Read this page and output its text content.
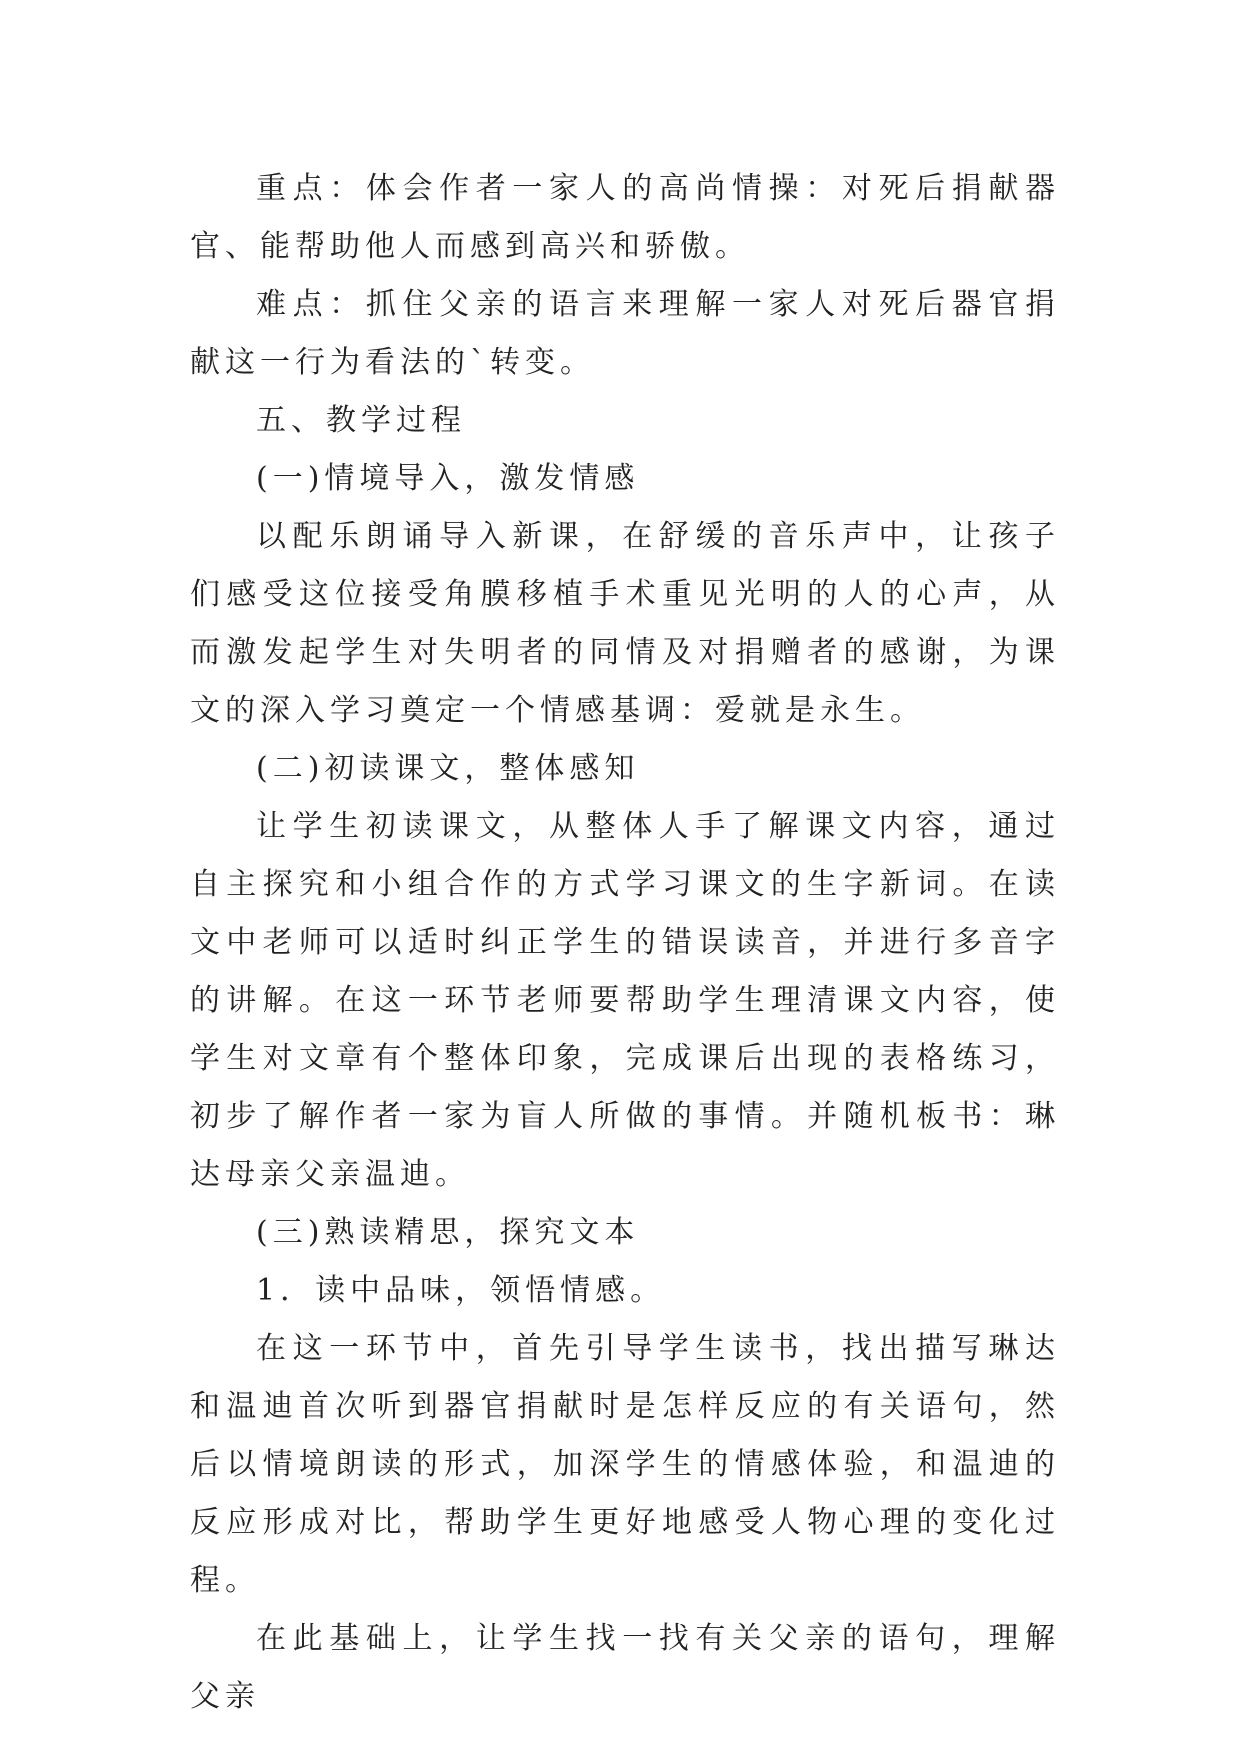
重点：体会作者一家人的高尚情操：对死后捐献器官、能帮助他人而感到高兴和骄傲。

难点：抓住父亲的语言来理解一家人对死后器官捐献这一行为看法的`转变。

五、教学过程

(一)情境导入，激发情感

以配乐朗诵导入新课，在舒缓的音乐声中，让孩子们感受这位接受角膜移植手术重见光明的人的心声，从而激发起学生对失明者的同情及对捐赠者的感谢，为课文的深入学习奠定一个情感基调：爱就是永生。

(二)初读课文，整体感知

让学生初读课文，从整体人手了解课文内容，通过自主探究和小组合作的方式学习课文的生字新词。在读文中老师可以适时纠正学生的错误读音，并进行多音字的讲解。在这一环节老师要帮助学生理清课文内容，使学生对文章有个整体印象，完成课后出现的表格练习，初步了解作者一家为盲人所做的事情。并随机板书：琳达母亲父亲温迪。

(三)熟读精思，探究文本

1．读中品味，领悟情感。

在这一环节中，首先引导学生读书，找出描写琳达和温迪首次听到器官捐献时是怎样反应的有关语句，然后以情境朗读的形式，加深学生的情感体验，和温迪的反应形成对比，帮助学生更好地感受人物心理的变化过程。

在此基础上，让学生找一找有关父亲的语句，理解父亲
